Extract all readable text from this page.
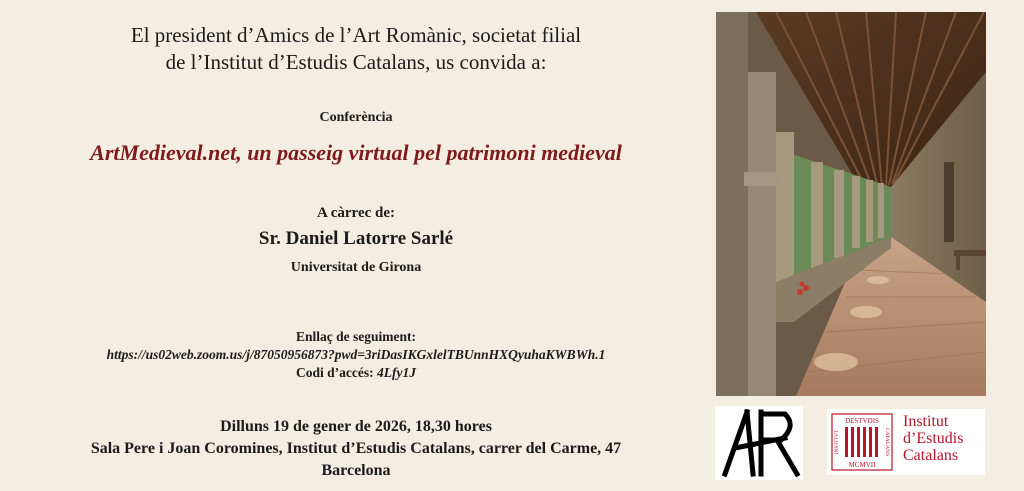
El president d’Amics de l’Art Romànic, societat filial
de l’Institut d’Estudis Catalans, us convida a:
Conferència
ArtMedieval.net, un passeig virtual pel patrimoni medieval
A càrrec de:
Sr. Daniel Latorre Sarlé
Universitat de Girona
Enllaç de seguiment:
https://us02web.zoom.us/j/87050956873?pwd=3riDasIKGxlelTBUnnHXQyuhaKWBWh.1
Codi d’accés: 4Lfy1J
Dilluns 19 de gener de 2026, 18,30 hores
Sala Pere i Joan Coromines, Institut d’Estudis Catalans, carrer del Carme, 47
Barcelona
DESTVDIS
MCMVII
INSTITVT	CATALANS
Institut
d’Estudis
Catalans
